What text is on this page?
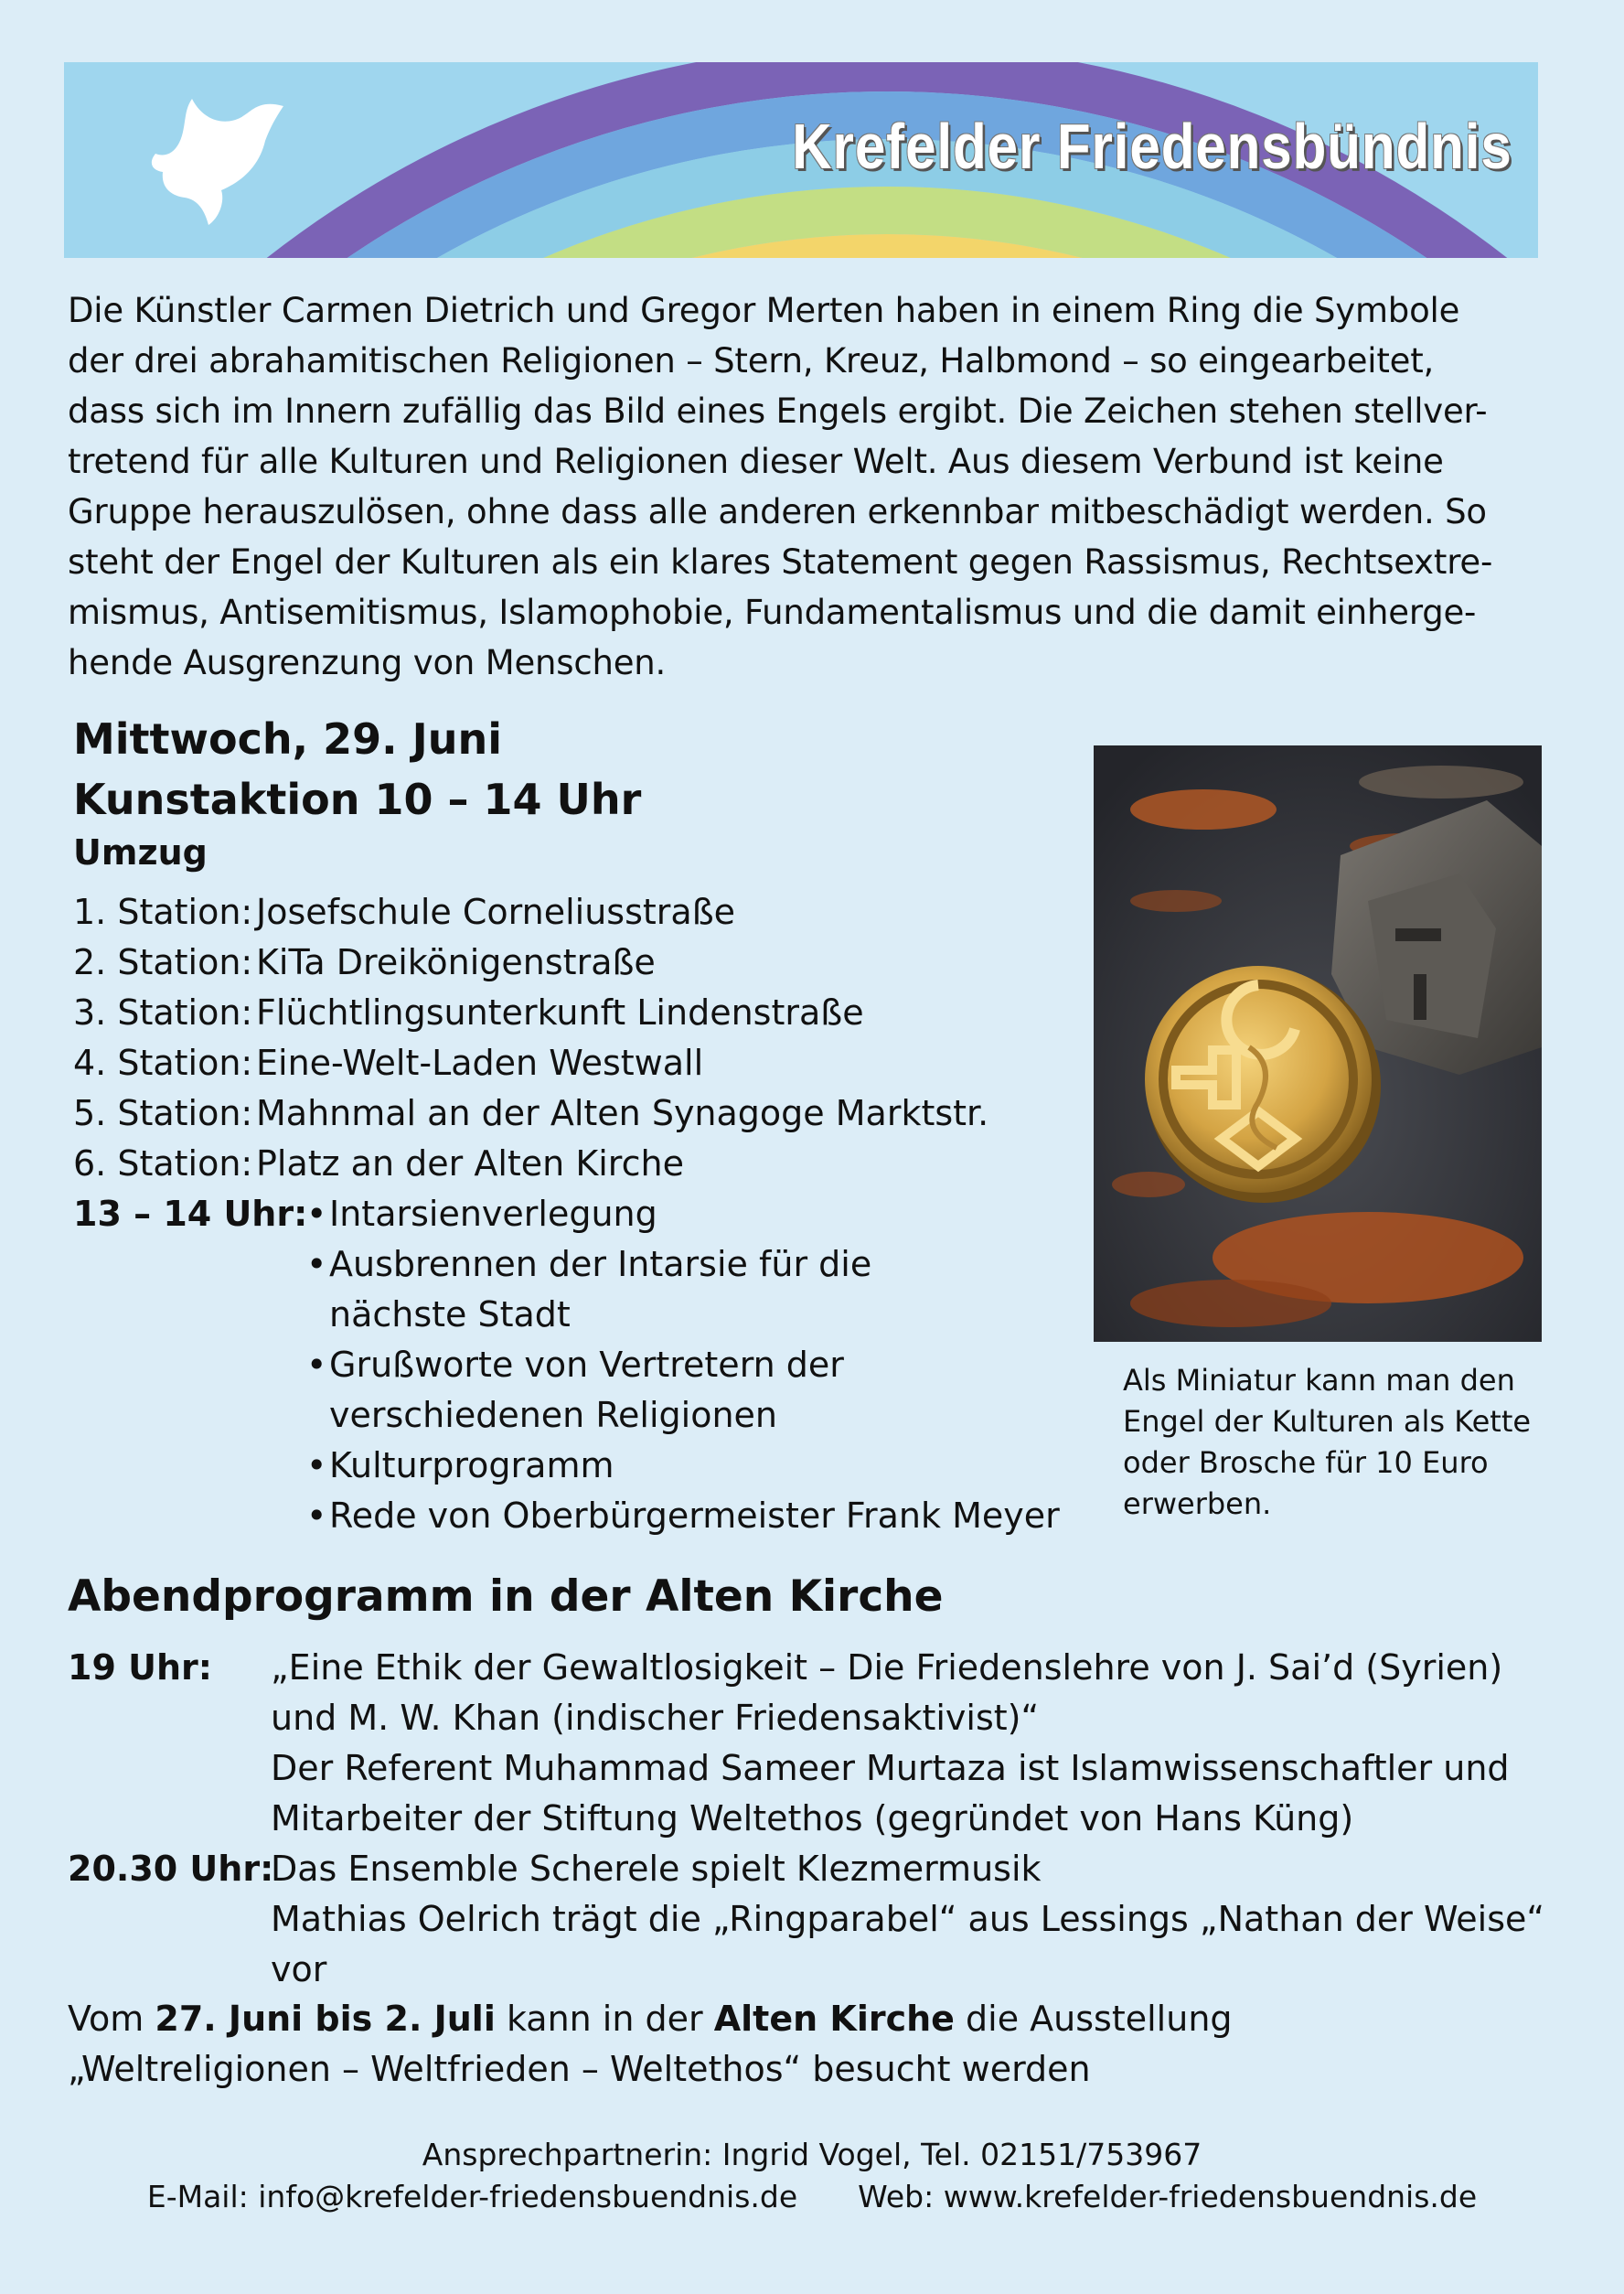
Krefelder Friedensbündnis

Die Künstler Carmen Dietrich und Gregor Merten haben in einem Ring die Symbole

der drei abrahamitischen Religionen – Stern, Kreuz, Halbmond – so eingearbeitet,

dass sich im Innern zufällig das Bild eines Engels ergibt. Die Zeichen stehen stellver-

tretend für alle Kulturen und Religionen dieser Welt. Aus diesem Verbund ist keine

Gruppe herauszulösen, ohne dass alle anderen erkennbar mitbeschädigt werden. So

steht der Engel der Kulturen als ein klares Statement gegen Rassismus, Rechtsextre-

mismus, Antisemitismus, Islamophobie, Fundamentalismus und die damit einherge-

hende Ausgrenzung von Menschen.

Mittwoch, 29. Juni

Kunstaktion 10 – 14 Uhr

Umzug

1. Station:Josefschule Corneliusstraße
2. Station:KiTa Dreikönigenstraße
3. Station:Flüchtlingsunterkunft Lindenstraße
4. Station:Eine-Welt-Laden Westwall
5. Station:Mahnmal an der Alten Synagoge Marktstr.
6. Station:Platz an der Alten Kirche
13 – 14 Uhr:
• Intarsienverlegung
• Ausbrennen der Intarsie für die
nächste Stadt
• Grußworte von Vertretern der
verschiedenen Religionen
• Kulturprogramm
• Rede von Oberbürgermeister Frank Meyer

Als Miniatur kann man den

Engel der Kulturen als Kette

oder Brosche für 10 Euro

erwerben.

Abendprogramm in der Alten Kirche
19 Uhr: „Eine Ethik der Gewaltlosigkeit – Die Friedenslehre von J. Sai’d (Syrien)
und M. W. Khan (indischer Friedensaktivist)“
Der Referent Muhammad Sameer Murtaza ist Islamwissenschaftler und
Mitarbeiter der Stiftung Weltethos (gegründet von Hans Küng)
20.30 Uhr:
Das Ensemble Scherele spielt Klezmermusik
Mathias Oelrich trägt die „Ringparabel“ aus Lessings „Nathan der Weise“
vor

Vom 27. Juni bis 2. Juli kann in der Alten Kirche die Ausstellung

„Weltreligionen – Weltfrieden – Weltethos“ besucht werden

Ansprechpartnerin: Ingrid Vogel, Tel. 02151/753967

E-Mail: info@krefelder-friedensbuendnis.de Web: www.krefelder-friedensbuendnis.de
